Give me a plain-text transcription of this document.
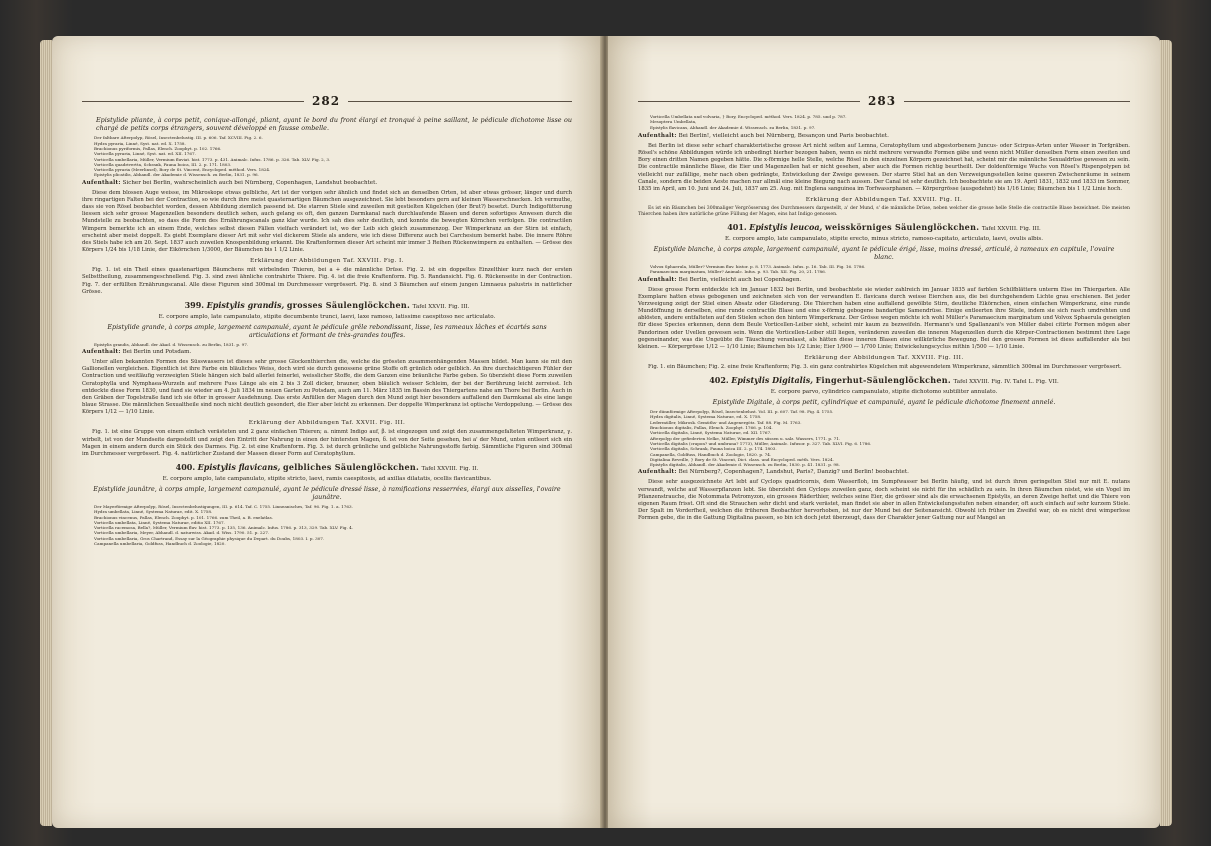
282

Epistylide pliante, à corps petit, conique-allongé, pliant, ayant le bord du front élargi et tronqué à peine saillant, le pédicule dichotome lisse ou chargé de petits corps étrangers, souvent développé en fausse ombelle.

Der faltbare Afterpolyp, Rösel, Insectenbelustig. III. p. 606. Taf. XCVIII. Fig. 2. 6.
Hydra pyraria, Linné, Syst. nat. ed. X. 1758.
Brachionus pyriformis, Pallas, Elench. Zoophyt. p. 102. 1766.
Vorticella pyraria, Linné, Syst. nat. ed. XII. 1767.
Vorticella umbellaria, Müller, Vermium fluviat. hist. 1773. p. 431. Animalc. Infus. 1786. p. 326. Tab. XLV. Fig. 2, 3.
Vorticella quadrivertta, Schrank, Fauna boica, III. 2. p. 171. 1803.
Vorticella pyraria (Meerlinsel), Bory de St. Vincent, Encycloped. méthod. Vers. 1824.
Epistylis plicatilis, Abhandl. der Akademie d. Wissensch. zu Berlin, 1831. p. 96.

Aufenthalt: Sicher bei Berlin, wahrscheinlich auch bei Nürnberg, Copenhagen, Landshut beobachtet.

Diese dem blossen Auge weisse, im Mikroskope etwas gelbliche, Art ist der vorigen sehr ähnlich und findet sich an denselben Orten, ist aber etwas grösser, länger und durch ihre ringartigen Falten bei der Contraction, so wie durch ihre meist quasternartigen Bäumchen ausgezeichnet. Sie lebt besonders gern auf kleinen Wasserschnecken. Ich vermuthe, dass sie von Rösel beobachtet worden, dessen Abbildung ziemlich passend ist. Die starren Stiele sind zuweilen mit gestielten Kügelchen (der Brut?) besetzt. Durch Indigofütterung liessen sich sehr grosse Magenzellen besonders deutlich sehen, auch gelang es oft, den ganzen Darmkanal nach durchlaufende Blasen und deren sofortiges Anwesen durch die Mundstelle zu beobachten, so dass die Form des Ernährungscanals ganz klar wurde. Ich sah dies sehr deutlich, und konnte die bewegten Körnchen verfolgen. Die contractilen Wimpern bemerkte ich an einem Ende, welches selbst diesen Fällen vielfach verändert ist, wo der Leib sich gleich zusammenzog. Der Wimperkranz an der Stirn ist einfach, erscheint aber meist doppelt. Es giebt Exemplare dieser Art mit sehr viel dickerem Stiele als andere, wie ich diese Differenz auch bei Carchesium bemerkt habe. Die innere Röhre des Stiels habe ich am 20. Sept. 1837 auch zuweilen Knospenbildung erkannt. Die Kraftenformen dieser Art scheint mir immer 3 Reihen Rückenwimpern zu enthalten. — Grösse des Körpers 1/24 bis 1/18 Linie, der Eikörnchen 1/3000, der Bäumchen bis 1 1/2 Linie.

Erklärung der Abbildungen Taf. XXVIII. Fig. I.

Fig. 1. ist ein Theil eines quastenartigen Bäumchens mit wirbelnden Thieren, bei a + die männliche Drüse. Fig. 2. ist ein doppeltes Einzelthier kurz nach der ersten Selbsttheilung, zusammengeschnellend. Fig. 3. sind zwei ähnliche contrahirte Thiere. Fig. 4. ist die freie Kraftenform. Fig. 5. Randansicht. Fig. 6. Rückenseite in der Contraction. Fig. 7. der erfüllten Ernährungscanal. Alle diese Figuren sind 300mal im Durchmesser vergrössert. Fig. 8. sind 3 Bäumchen auf einem jungen Limnaeus palustris in natürlicher Grösse.

399. Epistylis grandis, grosses Säulenglöckchen. Tafel XXVII. Fig. III.

E. corpore amplo, late campanulato, stipite decumbente trunci, laevi, laxe ramoso, latissime caespitoso nec articulato.

Epistylide grande, à corps ample, largement campanulé, ayant le pédicule grêle rebondissant, lisse, les rameaux lâches et écartés sans articulations et formant de très-grandes touffes.

Epistylis grandis, Abhandl. der Akad. d. Wissensch. zu Berlin, 1831. p. 97.

Aufenthalt: Bei Berlin und Potsdam.

Unter allen bekannten Formen des Süsswassers ist dieses sehr grosse Glockenthierchen die, welche die grössten zusammenhängenden Massen bildet. Man kann sie mit den Gallionellen vergleichen. Eigentlich ist ihre Farbe ein bläuliches Weiss, doch wird sie durch genossene grüne Stoffe oft grünlich oder gelblich. An ihre durchsichtigeren Fühler der Contraction und weitläufig verzweigten Stiele hängen sich bald allerlei feinerlei, weisslicher Stoffe, die dem Ganzen eine bräunliche Farbe geben. So überzieht diese Form zuweilen Ceratophylla und Nymphaea-Wurzeln auf mehrere Fuss Länge als ein 2 bis 3 Zoll dicker, brauner, oben bläulich weisser Schleim, der bei der Berührung leicht zerreisst. Ich entdeckte diese Form 1830, und fand sie wieder am 4. Juli 1834 im neuen Garten zu Potsdam, auch am 11. März 1835 im Bassin des Thiergartens nahe am Thore bei Berlin. Auch in den Gräben der Togelstraße fand ich sie öfter in grosser Ausdehnung. Das erste Anfüllen der Magen durch den Mund zeigt hier besonders auffallend den Darmkanal als eine lange blaue Strasse. Die männlichen Sexualtheile sind noch nicht deutlich gesondert, die Eier aber leicht zu erkennen. Der doppelte Wimperkranz ist optische Verdoppelung. — Grösse des Körpers 1/12 — 1/10 Linie.

Erklärung der Abbildungen Taf. XXVII. Fig. III.

Fig. 1. ist eine Gruppe von einem einfach verästeten und 2 ganz einfachen Thieren; a. nimmt Indigo auf, β. ist eingezogen und zeigt den zusammengefalteten Wimperkranz, γ. wirbelt, ist von der Mundseite dargestellt und zeigt den Eintritt der Nahrung in einen der hintersten Magen, δ. ist von der Seite gesehen, bei a' der Mund, unten entleert sich ein Magen in einem andern durch ein Stück des Darmes. Fig. 2. ist eine Kraftenform. Fig. 3. ist durch grünliche und gelbliche Nahrungsstoffe farbig. Sämmtliche Figuren sind 300mal im Durchmesser vergrössert. Fig. 4. natürlicher Zustand der Massen dieser Form auf Ceratophyllum.

400. Epistylis flavicans, gelbliches Säulenglöckchen. Tafel XXVIII. Fig. II.

E. corpore amplo, late campanulato, stipite stricto, laevi, ramis caespitosis, ad axillas dilatatis, ocellis flavicantibus.

Epistylide jaunâtre, à corps ample, largement campanulé, ayant le pédicule dressé lisse, à ramifications resserrées, élargi aux aisselles, l'ovaire jaunâtre.

Der Mayerförmige Afterpolyp, Rösel, Insectenbelustigungen, III. p. 614. Taf. C. 1755. Linneanisches, Taf. 96. Fig. 1. a. 1763.
Hydra umbellata, Linné, Systema Naturae, edit. X. 1758.
Brachionus vincenus, Pallas, Elench. Zoophyt. p. 101. 1766. zum Theil, a. B. exelatlas.
Vorticella umbellata, Linné, Systema Naturae, editio XII. 1767.
Vorticella racemosa, Bella?, Müller, Vermium fluv. hist. 1773. p. 135, 136. Animalc. Infus. 1786. p. 313, 329. Tab. XLV. Fig. 4.
Vorticella umbellaria, Meyer, Abhandl. d. naturwiss. Akad. d. Wiss. 1790. 51. p. 227.
Vorticella umbellaria, Gros Chartrand, Essay sur la Géographie physique du Depart. du Doubs, 1803. I. p. 307.
Campanella umbellaria, Goldfuss, Handbuch d. Zoologie, 1820.
283
Vorticella Umbellata und volvaria, } Bory, Encycloped. méthod. Vers. 1824. p. 785. und p. 787.
Mesoptera Umbellata,
Epistylis flavicans, Abhandl. der Akademie d. Wissensch. zu Berlin, 1831. p. 97.

Aufenthalt: Bei Berlin!, vielleicht auch bei Nürnberg, Besançon und Paris beobachtet.

Bei Berlin ist diese sehr scharf charakteristische grosse Art nicht selten auf Lemna, Ceratophyllum und abgestorbenem Juncus- oder Scirpus-Arten unter Wasser in Torfgräben. Rösel's schöne Abbildungen würde ich unbedingt hierher bezogen haben, wenn es nicht mehrere verwandte Formen gäbe und wenn nicht Müller denselben Form einen zweiten und Bory einen dritten Namen gegeben hätte. Die x-förmige helle Stelle, welche Rösel in den einzelnen Körpern gezeichnet hat, scheint mir die männliche Sexualdrüse gewesen zu sein. Die contractile männliche Blase, die Eier und Magenzellen hat er nicht gesehen, aber auch die Formen richtig beurtheilt. Der doldenförmige Wuchs von Rösel's Rispenpolypen ist vielleicht nur zufällige, mehr nach oben gedrängte, Entwickelung der Zweige gewesen. Der starre Stiel hat an den Verzweigungsstellen keine queeren Zwischenräume in seinem Canale, sondern die beiden Aeste machen nur allmäl eine kleine Biegung nach aussen. Der Canal ist sehr deutlich. Ich beobachtete sie am 19. April 1831, 1832 und 1833 im Sommer, 1835 im April, am 10. Juni und 24. Juli, 1837 am 25. Aug. mit Englena sanguinea im Torfwassrphanen. — Körpergrösse (ausgedehnt) bis 1/16 Linie; Bäumchen bis 1 1/2 Linie hoch.

Erklärung der Abbildungen Taf. XXVIII. Fig. II.

Es ist ein Bäumchen bei 300maliger Vergrösserung des Durchmessers dargestellt, a' der Mund, s' die männliche Drüse, neben welcher die grosse helle Stelle die contractile Blase bezeichnet. Die meisten Thierchen haben ihre natürliche grüne Füllung der Magen, eins hat Indigo genossen.

401. Epistylis leucoa, weisskörniges Säulenglöckchen. Tafel XXVIII. Fig. III.

E. corpore amplo, late campanulato, stipite erecto, minus stricto, ramoso-capitato, articulato, laevi, ovulis albis.

Epistylide blanche, à corps ample, largement campanulé, ayant le pédicule érigé, lisse, moins dressé, articulé, à rameaux en capitule, l'ovaire blanc.

Volvox Sphaerula, Müller? Vermium fluv. histor. p. 8. 1773. Animalc. Infus. p. 16. Tab. III. Fig. 16. 1786.
Paramaecium marginatum, Müller? Animalc. Infus. p. 93. Tab. XII. Fig. 20, 21. 1786.

Aufenthalt: Bei Berlin, vielleicht auch bei Copenhagen.

Diese grosse Form entdeckte ich im Januar 1832 bei Berlin, und beobachtete sie wieder zahlreich im Januar 1835 auf farblen Schilfblättern unterm Eise im Thiergarten. Alle Exemplare hatten etwas gebogenen und zeichneten sich von der verwandten E. flavicans durch weisse Eierchen aus, die bei durchgehendem Lichte grau erschienen. Bei jeder Verzweigung zeigt der Stiel einen Absatz oder Gliederung. Die Thierchen haben eine auffallend gewölbte Stirn, deutliche Eikörnchen, einen einfachen Wimperkranz, eine runde Mundöffnung in derselben, eine runde contractile Blase und eine x-förmig gebogene bandartige Samendrüse. Einige entleerten ihre Stiele, indem sie sich rasch umdrehten und ablösten, andere entfalteten auf den Stielen schon den hintern Wimperkranz. Der Grösse wegen möchte ich wohl Müller's Paramaecium marginatum und Volvox Sphaerula geneigten für diese Species erkennen, denn dem Beule Vorticellen-Leiber sieht, scheint mir kaum zu bezweifeln. Hermann's und Spallanzani's von Müller dabei citirte Formen mögen aber Pandorinen oder Uvellen gewesen sein. Wenn die Vorticellen-Leiber still liegen, veränderen zuweilen die inneren Magenzellen durch die Körper-Contractionen bestimmt ihre Lage gegeneinander, was die Ungeübte die Täuschung veranlasst, als hätten diese inneren Blasen eine willkürliche Bewegung. Bei den grossen Formen ist diess auffallender als bei kleinen. — Körpergrösse 1/12 — 1/10 Linie; Bäumchen bis 1/2 Linie; Eier 1/900 — 1/700 Linie; Entwickelungscyclus mithin 1/500 — 1/10 Linie.

Erklärung der Abbildungen Taf. XXVIII. Fig. III.

Fig. 1. ein Bäumchen; Fig. 2. eine freie Kraftenform; Fig. 3. ein ganz contrahirtes Kügelchen mit abgewendetem Wimperkranz, sämmtlich 300mal im Durchmesser vergrössert.

402. Epistylis Digitalis, Fingerhut-Säulenglöckchen. Tafel XXVIII. Fig. IV. Tafel L. Fig. VII.

E. corpore parvo, cylindrico campanulato, stipite dichotomo subtiliter annulato.

Epistylide Digitale, à corps petit, cylindrique et campanulé, ayant le pédicule dichotome finement annelé.

Der dünnförmige Afterpolyp, Rösel, Insectenbelust. Vol. III. p. 607. Taf. 98. Fig. 4. 1755.
Hydra digitalis, Linné, Systema Naturae, ed. X. 1758.
Ledermüller, Mikrosk. Gemüths- und Augenergötz. Taf. 88. Fig. M. 1763.
Brachionus digitalis, Pallas, Elench. Zoophyt. 1766. p. 104.
Vorticella digitalis, Linné, Systema Naturae, ed. XII. 1767.
Afterpolyp der gefiederten Nelke, Müller, Wimmer des süssen u. salz. Wassers, 1771. p. 71.
Vorticella digitalis (crapon? und umbrana? 1773), Müller, Animalc. Infusor. p. 327. Tab. XLVI. Fig. 6. 1786.
Vorticella digitalis, Schrank, Fauna boica III. 2. p. 174. 1803.
Campanella, Goldfuss, Handbuch d. Zoologie, 1820. p. 74.
Digitalina Reveille, } Bory de St. Vincent, Dict. class. und Encycloped. méth. Vers. 1824.
Epistylis digitalis, Abhandl. der Akademie d. Wissensch. zu Berlin, 1830. p. 41. 1831. p. 98.

Aufenthalt: Bei Nürnberg?, Copenhagen?, Landshut, Paris?, Danzig? und Berlin! beobachtet.

Diese sehr ausgezeichnete Art lebt auf Cyclops quadricornis, dem Wasserfloh, im Sumpfwasser bei Berlin häufig, und ist durch ihren geringelten Stiel nur mit E. nutans verwandt, welche auf Wasserpflanzen lebt. Sie überzieht den Cyclops zuweilen ganz, doch scheint sie nicht für ihn schädlich zu sein. In ihren Bäumchen nistet, wie ein Vogel im Pflanzenstrauche, die Notommata Petromyzon, ein grosses Räderthier, welches seine Eier, die grösser sind als die erwachsenen Epistylis, an deren Zweige heftet und die Thiere von eigenen Raum frisst. Oft sind die Strauchen sehr dicht und stark verästet, man findet sie aber in allen Entwickelungsstufen neben einander, oft auch einfach auf sehr kurzem Stiele. Der Spalt im Vorderfheil, welchen die früheren Beobachter hervorhoben, ist nur der Mund bei der Seitenansicht. Obwohl ich früher im Zweifel war, ob es nicht drei wimperlose Formen gebe, die in die Gattung Digitalina passen, so bin ich doch jetzt überzeugt, dass der Charakter jener Gattung nur auf Mangel an
